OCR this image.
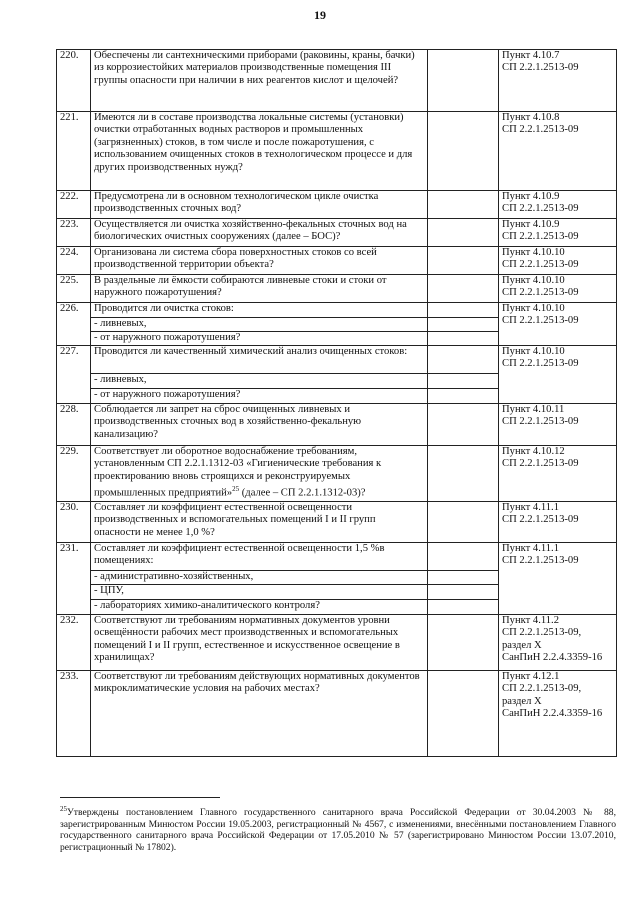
19
220.	Обеспечены ли сантехническими приборами (раковины, краны, бачки) из коррозиестойких материалов производственные помещения III группы опасности при наличии в них реагентов кислот и щелочей?		Пункт 4.10.7
СП 2.2.1.2513-09

221.	Имеются ли в составе производства локальные системы (установки) очистки отработанных водных растворов и промышленных (загрязненных) стоков, в том числе и после пожаротушения, с использованием очищенных стоков в технологическом процессе и для других производственных нужд?		Пункт 4.10.8
СП 2.2.1.2513-09

222.	Предусмотрена ли в основном технологическом цикле очистка производственных сточных вод?		Пункт 4.10.9
СП 2.2.1.2513-09

223.	Осуществляется ли очистка хозяйственно-фекальных сточных вод на биологических очистных сооружениях (далее – БОС)?		Пункт 4.10.9
СП 2.2.1.2513-09

224.	Организована ли система сбора поверхностных стоков со всей производственной территории объекта?		Пункт 4.10.10
СП 2.2.1.2513-09

225.	В раздельные ли ёмкости собираются ливневые стоки и стоки от наружного пожаротушения?		Пункт 4.10.10
СП 2.2.1.2513-09

226.	Проводится ли очистка стоков:		Пункт 4.10.10
СП 2.2.1.2513-09

	- ливневых,		
	- от наружного пожаротушения?		
227.	Проводится ли качественный химический анализ очищенных стоков:		Пункт 4.10.10
СП 2.2.1.2513-09

	- ливневых,		
	- от наружного пожаротушения?		
228.	Соблюдается ли запрет на сброс очищенных ливневых и производственных сточных вод в хозяйственно-фекальную канализацию?		Пункт 4.10.11
СП 2.2.1.2513-09

229.	Соответствует ли оборотное водоснабжение требованиям, установленным СП 2.2.1.1312-03 «Гигиенические требования к проектированию вновь строящихся и реконструируемых промышленных предприятий»$^{25}$ (далее – СП 2.2.1.1312-03)?		Пункт 4.10.12
СП 2.2.1.2513-09

230.	Составляет ли коэффициент естественной освещенности производственных и вспомогательных помещений I и II групп опасности не менее 1,0 %?		Пункт 4.11.1
СП 2.2.1.2513-09

231.	Составляет ли коэффициент естественной освещенности 1,5 %в помещениях:		Пункт 4.11.1
СП 2.2.1.2513-09

	- административно-хозяйственных,		
	- ЦПУ,		
	- лабораториях химико-аналитического контроля?		
232.	Соответствуют ли требованиям нормативных документов уровни освещённости рабочих мест производственных и вспомогательных помещений I и II групп, естественное и искусственное освещение в хранилищах?		Пункт 4.11.2
СП 2.2.1.2513-09,
раздел X
СанПиН 2.2.4.3359-16

233.	Соответствуют ли требованиям действующих нормативных документов микроклиматические условия на рабочих местах?		Пункт 4.12.1
СП 2.2.1.2513-09,
раздел X
СанПиН 2.2.4.3359-16
$^{25}$Утверждены постановлением Главного государственного санитарного врача Российской Федерации от 30.04.2003 № 88, зарегистрированным Минюстом России 19.05.2003, регистрационный № 4567, с изменениями, внесёнными постановлением Главного государственного санитарного врача Российской Федерации от 17.05.2010 № 57 (зарегистрировано Минюстом России 13.07.2010, регистрационный № 17802).
